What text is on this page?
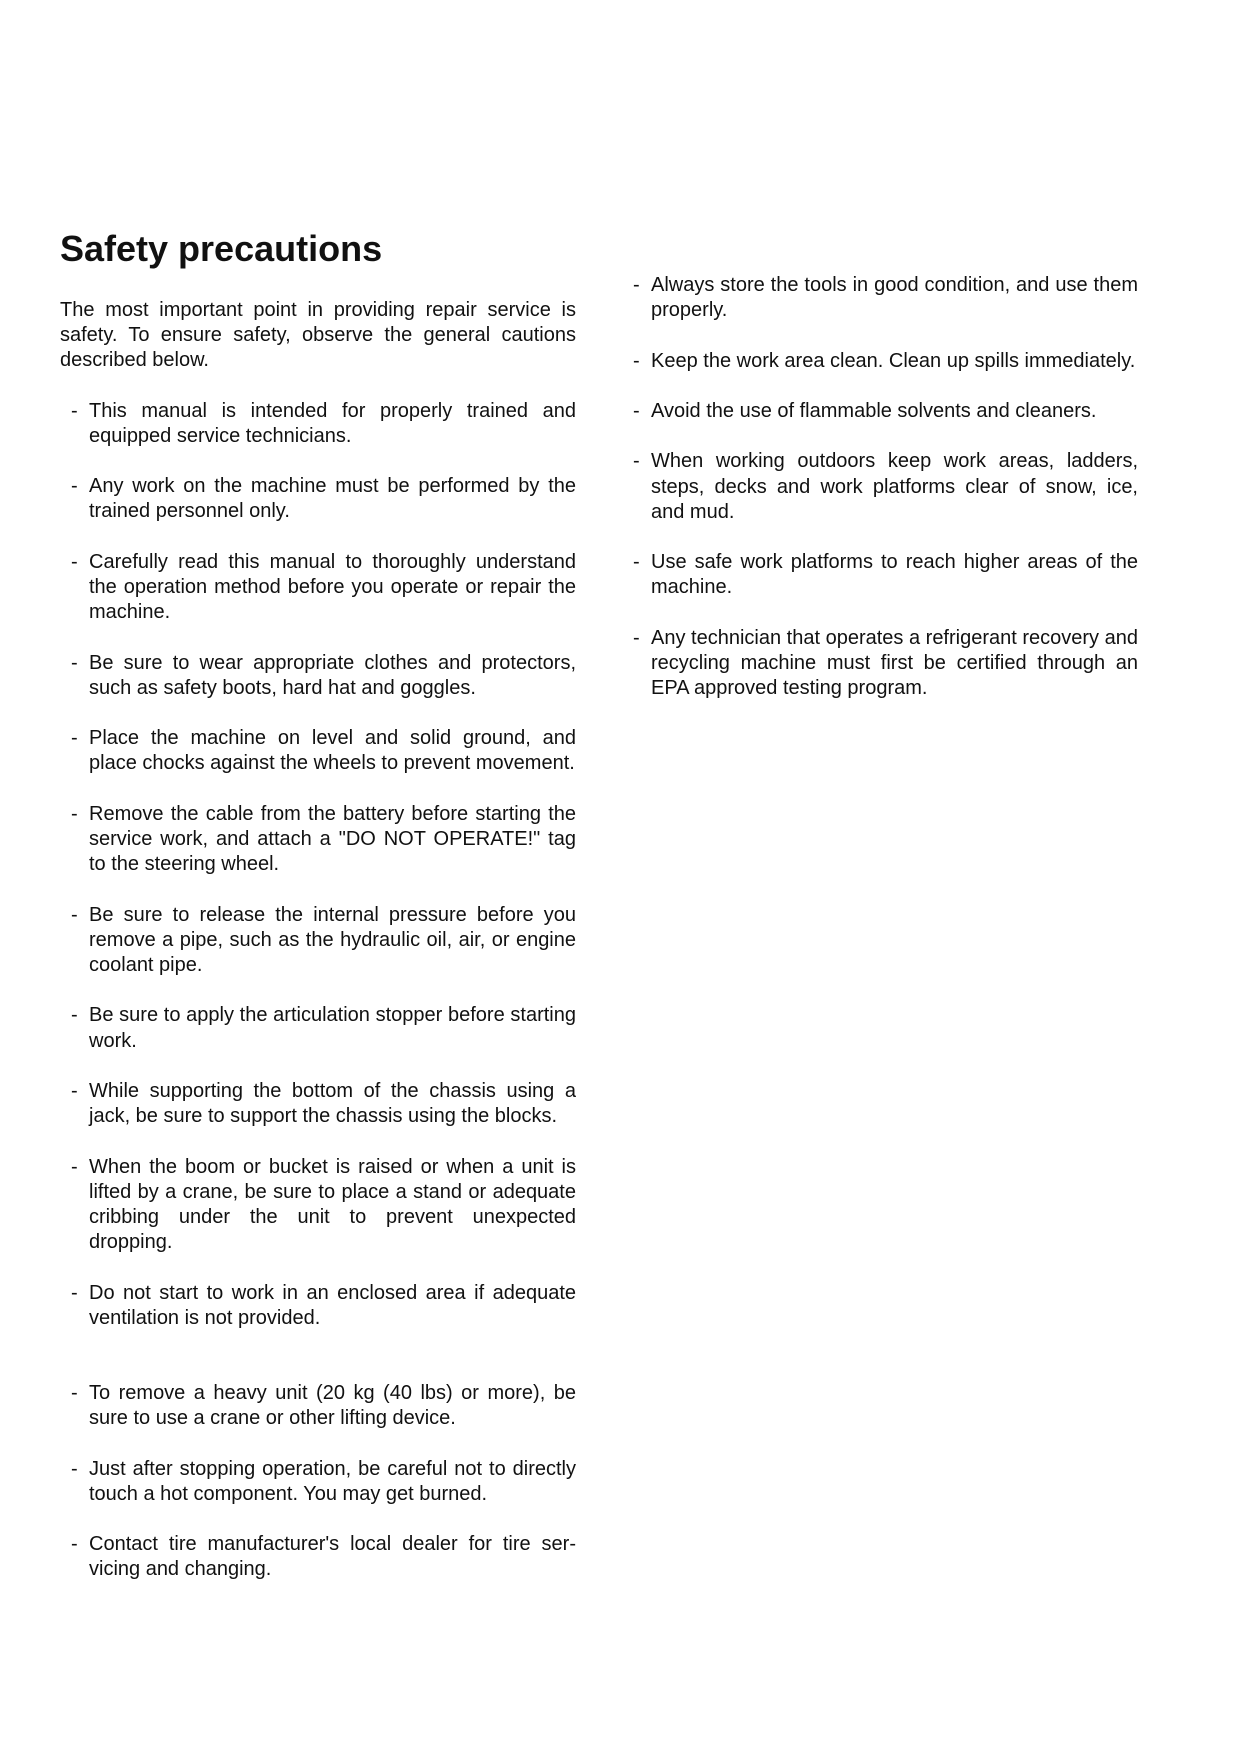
Safety precautions

The most important point in providing repair service is safety. To ensure safety, observe the general cautions described below.

- This manual is intended for properly trained and equipped service technicians.
- Any work on the machine must be performed by the trained personnel only.
- Carefully read this manual to thoroughly understand the operation method before you operate or repair the machine.
- Be sure to wear appropriate clothes and protectors, such as safety boots, hard hat and goggles.
- Place the machine on level and solid ground, and place chocks against the wheels to prevent movement.
- Remove the cable from the battery before starting the service work, and attach a "DO NOT OPERATE!" tag to the steering wheel.
- Be sure to release the internal pressure before you remove a pipe, such as the hydraulic oil, air, or engine coolant pipe.
- Be sure to apply the articulation stopper before starting work.
- While supporting the bottom of the chassis using a jack, be sure to support the chassis using the blocks.
- When the boom or bucket is raised or when a unit is lifted by a crane, be sure to place a stand or adequate cribbing under the unit to prevent unexpected dropping.
- Do not start to work in an enclosed area if adequate ventilation is not provided.
- To remove a heavy unit (20 kg (40 lbs) or more), be sure to use a crane or other lifting device.
- Just after stopping operation, be careful not to directly touch a hot component. You may get burned.
- Contact tire manufacturer's local dealer for tire servicing and changing.
- Always store the tools in good condition, and use them properly.
- Keep the work area clean. Clean up spills immediately.
- Avoid the use of flammable solvents and cleaners.
- When working outdoors keep work areas, ladders, steps, decks and work platforms clear of snow, ice, and mud.
- Use safe work platforms to reach higher areas of the machine.
- Any technician that operates a refrigerant recovery and recycling machine must first be certified through an EPA approved testing program.
